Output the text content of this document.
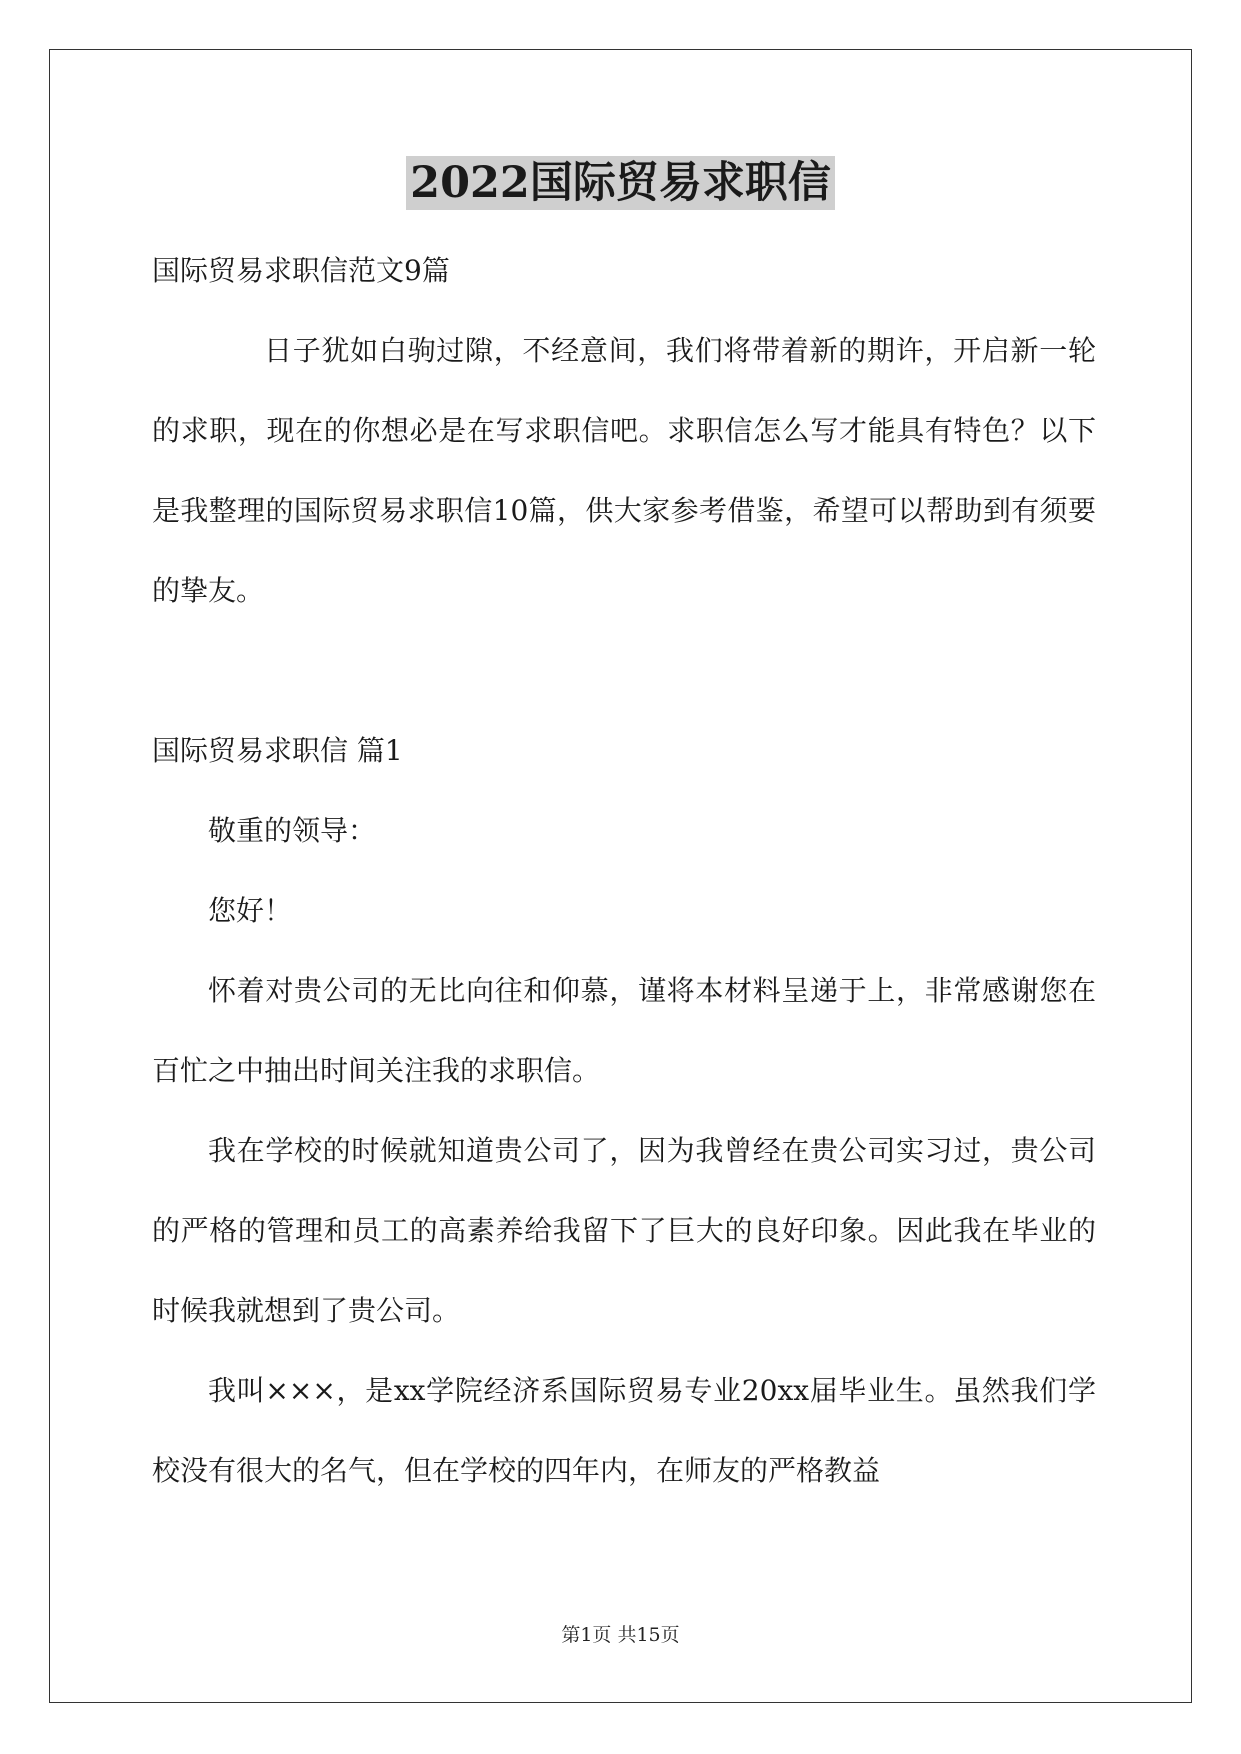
2022国际贸易求职信

国际贸易求职信范文9篇

日子犹如白驹过隙，不经意间，我们将带着新的期许，开启新一轮的求职，现在的你想必是在写求职信吧。求职信怎么写才能具有特色？以下是我整理的国际贸易求职信10篇，供大家参考借鉴，希望可以帮助到有须要的挚友。

国际贸易求职信 篇1

敬重的领导：

您好！

怀着对贵公司的无比向往和仰慕，谨将本材料呈递于上，非常感谢您在百忙之中抽出时间关注我的求职信。

我在学校的时候就知道贵公司了，因为我曾经在贵公司实习过，贵公司的严格的管理和员工的高素养给我留下了巨大的良好印象。因此我在毕业的时候我就想到了贵公司。

我叫×××，是xx学院经济系国际贸易专业20xx届毕业生。虽然我们学校没有很大的名气，但在学校的四年内，在师友的严格教益

第1页 共15页
